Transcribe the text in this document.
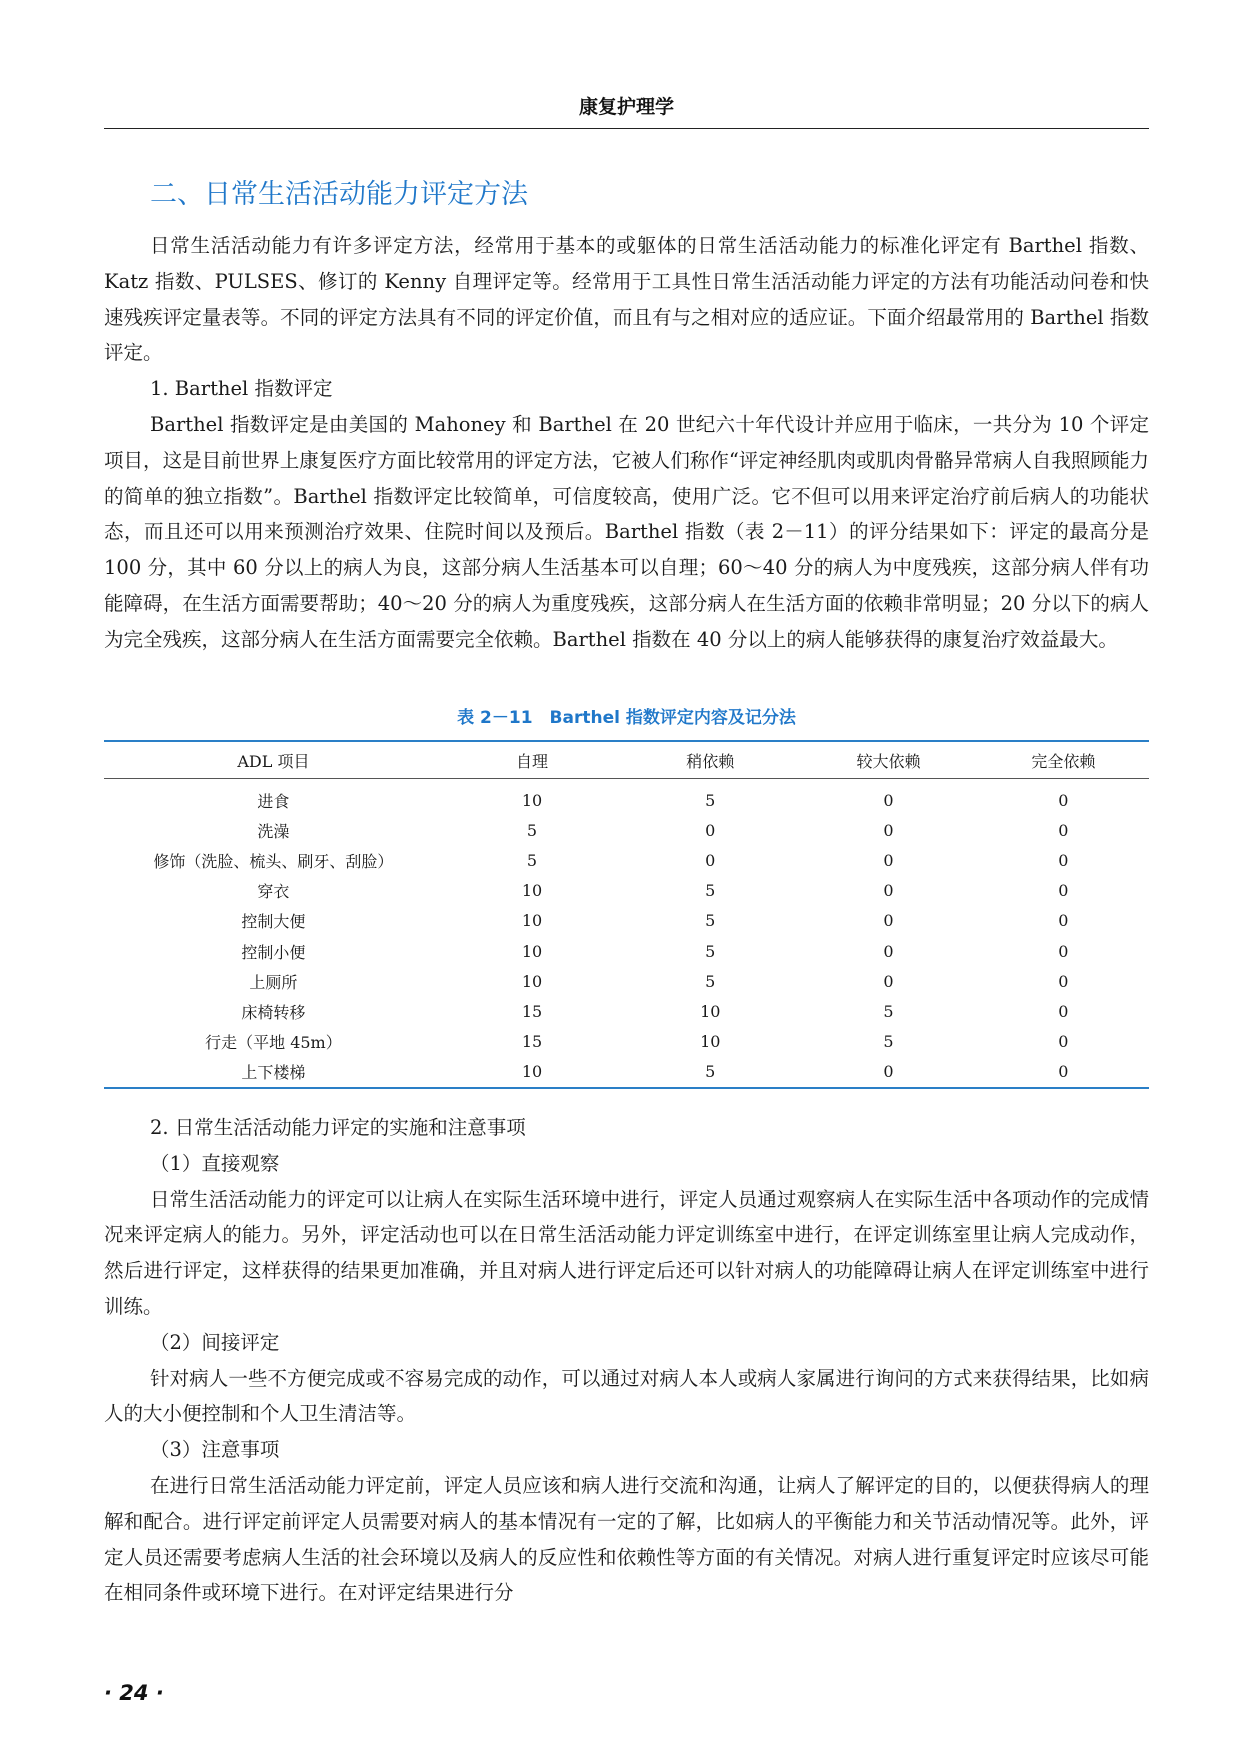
康复护理学
二、日常生活活动能力评定方法

日常生活活动能力有许多评定方法，经常用于基本的或躯体的日常生活活动能力的标准化评定有 Barthel 指数、Katz 指数、PULSES、修订的 Kenny 自理评定等。经常用于工具性日常生活活动能力评定的方法有功能活动问卷和快速残疾评定量表等。不同的评定方法具有不同的评定价值，而且有与之相对应的适应证。下面介绍最常用的 Barthel 指数评定。

1. Barthel 指数评定

Barthel 指数评定是由美国的 Mahoney 和 Barthel 在 20 世纪六十年代设计并应用于临床，一共分为 10 个评定项目，这是目前世界上康复医疗方面比较常用的评定方法，它被人们称作“评定神经肌肉或肌肉骨骼异常病人自我照顾能力的简单的独立指数”。Barthel 指数评定比较简单，可信度较高，使用广泛。它不但可以用来评定治疗前后病人的功能状态，而且还可以用来预测治疗效果、住院时间以及预后。Barthel 指数（表 2－11）的评分结果如下：评定的最高分是 100 分，其中 60 分以上的病人为良，这部分病人生活基本可以自理；60～40 分的病人为中度残疾，这部分病人伴有功能障碍，在生活方面需要帮助；40～20 分的病人为重度残疾，这部分病人在生活方面的依赖非常明显；20 分以下的病人为完全残疾，这部分病人在生活方面需要完全依赖。Barthel 指数在 40 分以上的病人能够获得的康复治疗效益最大。

表 2－11　Barthel 指数评定内容及记分法
ADL 项目	自理	稍依赖	较大依赖	完全依赖
进食	10	5	0	0
洗澡	5	0	0	0
修饰（洗脸、梳头、刷牙、刮脸）	5	0	0	0
穿衣	10	5	0	0
控制大便	10	5	0	0
控制小便	10	5	0	0
上厕所	10	5	0	0
床椅转移	15	10	5	0
行走（平地 45m）	15	10	5	0
上下楼梯	10	5	0	0

2. 日常生活活动能力评定的实施和注意事项

（1）直接观察

日常生活活动能力的评定可以让病人在实际生活环境中进行，评定人员通过观察病人在实际生活中各项动作的完成情况来评定病人的能力。另外，评定活动也可以在日常生活活动能力评定训练室中进行，在评定训练室里让病人完成动作，然后进行评定，这样获得的结果更加准确，并且对病人进行评定后还可以针对病人的功能障碍让病人在评定训练室中进行训练。

（2）间接评定

针对病人一些不方便完成或不容易完成的动作，可以通过对病人本人或病人家属进行询问的方式来获得结果，比如病人的大小便控制和个人卫生清洁等。

（3）注意事项

在进行日常生活活动能力评定前，评定人员应该和病人进行交流和沟通，让病人了解评定的目的，以便获得病人的理解和配合。进行评定前评定人员需要对病人的基本情况有一定的了解，比如病人的平衡能力和关节活动情况等。此外，评定人员还需要考虑病人生活的社会环境以及病人的反应性和依赖性等方面的有关情况。对病人进行重复评定时应该尽可能在相同条件或环境下进行。在对评定结果进行分

· 24 ·
